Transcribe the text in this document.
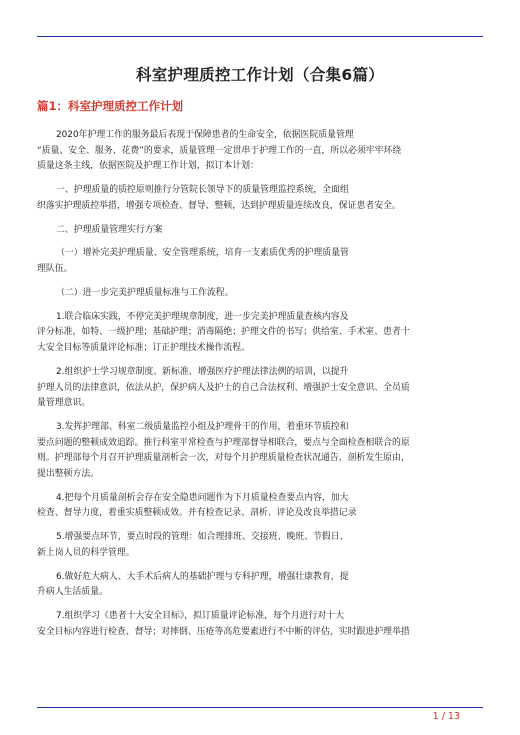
科室护理质控工作计划（合集6篇）
篇1：科室护理质控工作计划

2020年护理工作的服务最后表现于保障患者的生命安全，依据医院质量管理
“质量、安全、服务、花费”的要求，质量管理一定贯串于护理工作的一直，所以必须牢牢环绕
质量这条主线，依据医院及护理工作计划，拟订本计划：

一、护理质量的质控原则推行分管院长领导下的质量管理监控系统，全面组
织落实护理质控举措，增强专项检查、督导、整顿，达到护理质量连续改良，保证患者安全。

二、护理质量管理实行方案

（一）增补完美护理质量、安全管理系统，培育一支素质优秀的护理质量管
理队伍。

（二）进一步完美护理质量标准与工作流程。

1.联合临床实践，不停完美护理规章制度，进一步完美护理质量查核内容及
评分标准，如特、一级护理；基础护理；消毒隔绝；护理文件的书写；供给室、手术室、患者十
大安全目标等质量评论标准；订正护理技术操作流程。

2.组织护士学习规章制度、新标准、增强医疗护理法律法例的培训，以提升
护理人员的法律意识，依法从护，保护病人及护士的自己合法权利、增强护士安全意识、全员质
量管理意识。

3.发挥护理部、科室二级质量监控小组及护理骨干的作用，着重环节质控和
要点问题的整顿成效追踪。推行科室平常检查与护理部督导相联合，要点与全面检查相联合的原
则。护理部每个月召开护理质量剖析会一次，对每个月护理质量检查状况通告，剖析发生原由，
提出整顿方法。

4.把每个月质量剖析会存在安全隐患问题作为下月质量检查要点内容，加大
检查、督导力度，着重实质整顿成效。并有检查记录、剖析、评论及改良举措记录

5.增强要点环节，要点时段的管理：如合理排班、交接班、晚班、节假日、
新上岗人员的科学管理。

6.做好危大病人、大手术后病人的基础护理与专科护理，增强壮康教育，提
升病人生活质量。

7.组织学习《患者十大安全目标》，拟订质量评论标准，每个月进行对十大
安全目标内容进行检查、督导；对摔倒、压疮等高危要素进行不中断的评估，实时跟进护理举措

1 / 13
